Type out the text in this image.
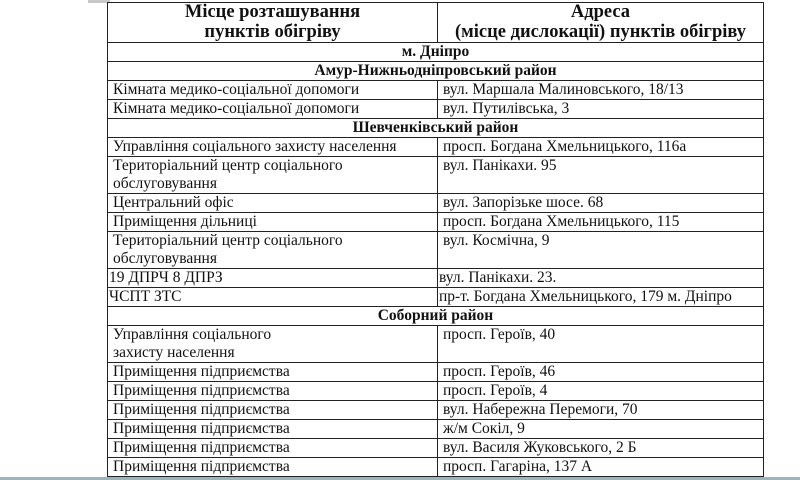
Місце розташування
пунктів обігріву

Адреса
(місце дислокації) пунктів обігріву

м. Дніпро	
Амур-Нижньодніпровський район	
Кімната медико-соціальної допомоги	вул. Маршала Малиновського, 18/13
Кімната медико-соціальної допомоги	вул. Путилівська, 3
Шевченківський район	
Управління соціального захисту населення	просп. Богдана Хмельницького, 116а

Територіальний центр соціального
обслуговування	вул. Панікахи. 95
Центральний офіс	вул. Запорізьке шосе. 68
Приміщення дільниці	просп. Богдана Хмельницького, 115

Територіальний центр соціального
обслуговування	вул. Космічна, 9
19 ДПРЧ 8 ДПРЗ	вул. Панікахи. 23.
ЧСПТ ЗТС	пр-т. Богдана Хмельницького, 179 м. Дніпро
Соборний район	

Управління соціального
захисту населення	просп. Героїв, 40
Приміщення підприємства	просп. Героїв, 46
Приміщення підприємства	просп. Героїв, 4
Приміщення підприємства	вул. Набережна Перемоги, 70
Приміщення підприємства	ж/м Сокіл, 9
Приміщення підприємства	вул. Василя Жуковського, 2 Б
Приміщення підприємства	просп. Гагаріна, 137 А
